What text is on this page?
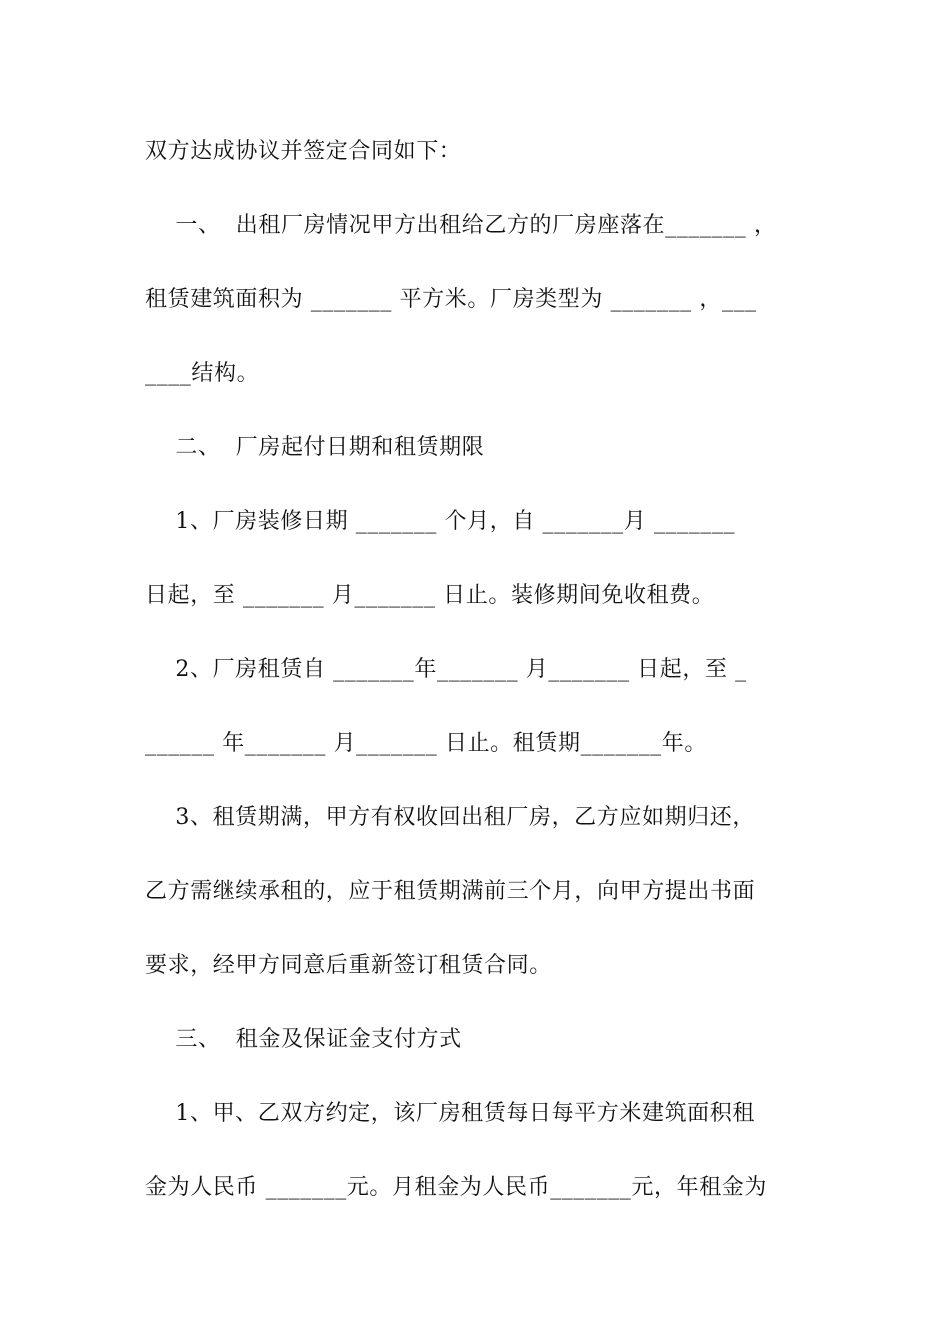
双方达成协议并签定合同如下：
一、  出租厂房情况甲方出租给乙方的厂房座落在_______ ，
租赁建筑面积为 _______ 平方米。厂房类型为 _______ ，___
____结构。
二、  厂房起付日期和租赁期限
1、厂房装修日期 _______ 个月，自 _______月 _______
日起，至 _______ 月_______ 日止。装修期间免收租费。
2、厂房租赁自 _______年_______ 月_______ 日起，至 _
______ 年_______ 月_______ 日止。租赁期_______年。
3、租赁期满，甲方有权收回出租厂房，乙方应如期归还，
乙方需继续承租的，应于租赁期满前三个月，向甲方提出书面
要求，经甲方同意后重新签订租赁合同。
三、  租金及保证金支付方式
1、甲、乙双方约定，该厂房租赁每日每平方米建筑面积租
金为人民币 _______元。月租金为人民币_______元，年租金为
